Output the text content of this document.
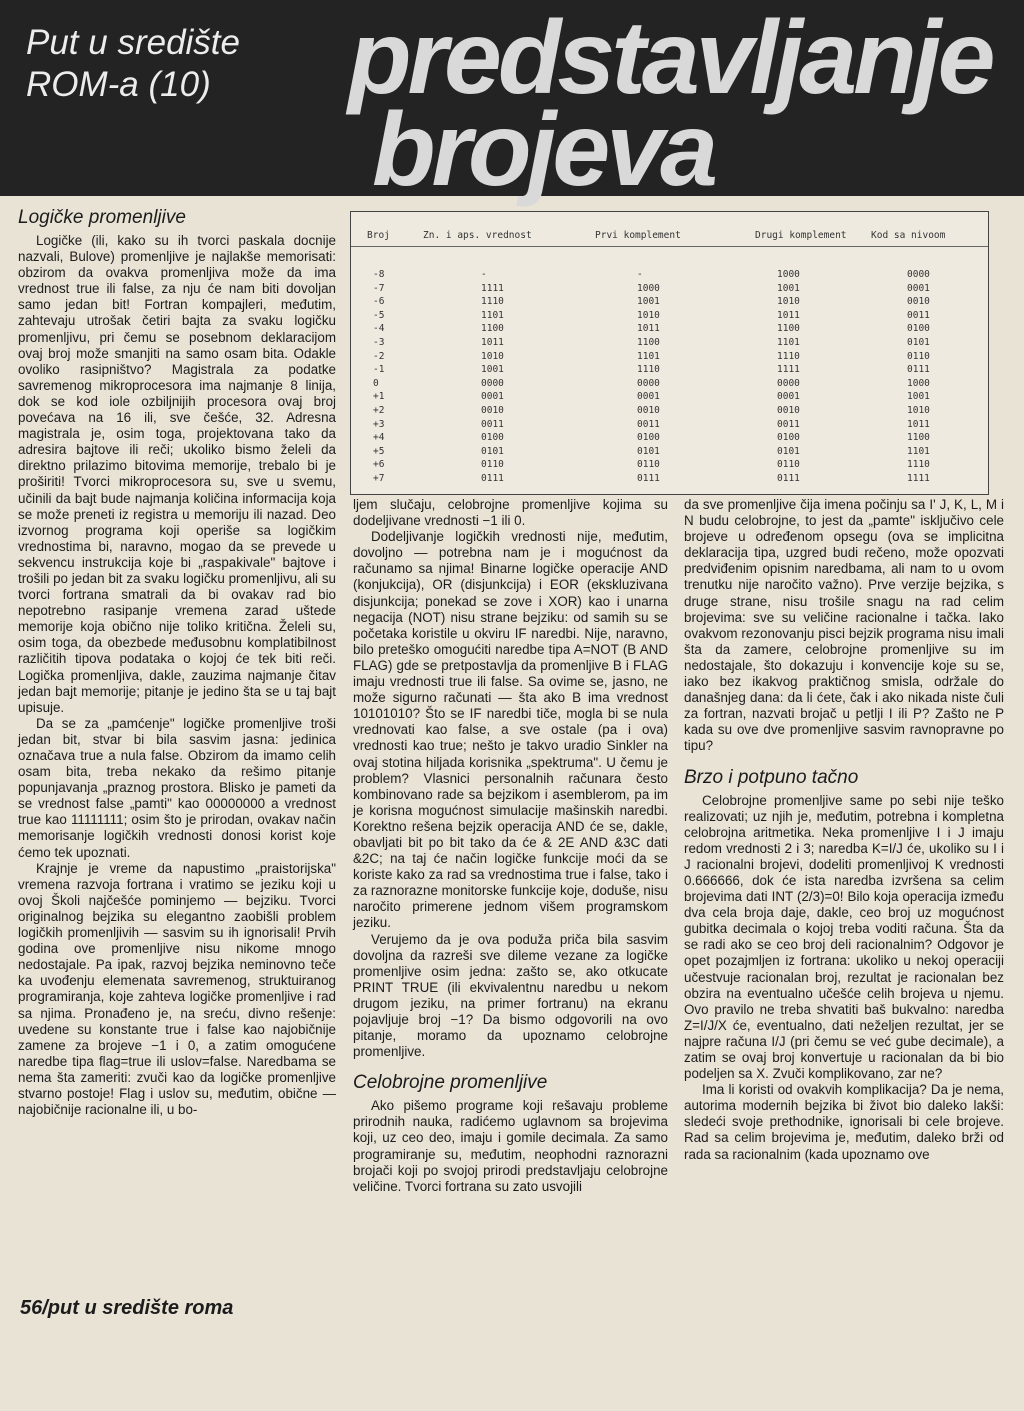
Put u središte
ROM-a (10) predstavljanje
brojeva
Logičke promenljive

Logičke (ili, kako su ih tvorci paskala docnije nazvali, Bulove) promenljive je najlakše memorisati: obzirom da ovakva promenljiva može da ima vrednost true ili false, za nju će nam biti dovoljan samo jedan bit! Fortran kompajleri, međutim, zahtevaju utrošak četiri bajta za svaku logičku promenljivu, pri čemu se posebnom deklaracijom ovaj broj može smanjiti na samo osam bita. Odakle ovoliko rasipništvo? Magistrala za podatke savremenog mikroprocesora ima najmanje 8 linija, dok se kod iole ozbiljnijih procesora ovaj broj povećava na 16 ili, sve češće, 32. Adresna magistrala je, osim toga, projektovana tako da adresira bajtove ili reči; ukoliko bismo želeli da direktno prilazimo bitovima memorije, trebalo bi je proširiti! Tvorci mikroprocesora su, sve u svemu, učinili da bajt bude najmanja količina informacija koja se može preneti iz registra u memoriju ili nazad. Deo izvornog programa koji operiše sa logičkim vrednostima bi, naravno, mogao da se prevede u sekvencu instrukcija koje bi „raspakivale" bajtove i trošili po jedan bit za svaku logičku promenljivu, ali su tvorci fortrana smatrali da bi ovakav rad bio nepotrebno rasipanje vremena zarad uštede memorije koja obično nije toliko kritična. Želeli su, osim toga, da obezbede međusobnu komplatibilnost različitih tipova podataka o kojoj će tek biti reči. Logička promenljiva, dakle, zauzima najmanje čitav jedan bajt memorije; pitanje je jedino šta se u taj bajt upisuje.

Da se za „pamćenje" logičke promenljive troši jedan bit, stvar bi bila sasvim jasna: jedinica označava true a nula false. Obzirom da imamo celih osam bita, treba nekako da rešimo pitanje popunjavanja „praznog prostora. Blisko je pameti da se vrednost false „pamti" kao 00000000 a vrednost true kao 11111111; osim što je prirodan, ovakav način memorisanje logičkih vrednosti donosi korist koje ćemo tek upoznati.

Krajnje je vreme da napustimo „praistorijska" vremena razvoja fortrana i vratimo se jeziku koji u ovoj Školi najčešće pominjemo — bejziku. Tvorci originalnog bejzika su elegantno zaobišli problem logičkih promenljivih — sasvim su ih ignorisali! Prvih godina ove promenljive nisu nikome mnogo nedostajale. Pa ipak, razvoj bejzika neminovno teče ka uvođenju elemenata savremenog, struktuiranog programiranja, koje zahteva logičke promenljive i rad sa njima. Pronađeno je, na sreću, divno rešenje: uvedene su konstante true i false kao najobičnije zamene za brojeve −1 i 0, a zatim omogućene naredbe tipa flag=true ili uslov=false. Naredbama se nema šta zameriti: zvuči kao da logičke promenljive stvarno postoje! Flag i uslov su, međutim, obične — najobičnije racionalne ili, u bo-

Broj	Zn. i aps. vrednost	Prvi komplement	Drugi komplement	Kod sa nivoom
-8	-	-	1000	0000
-7	1111	1000	1001	0001
-6	1110	1001	1010	0010
-5	1101	1010	1011	0011
-4	1100	1011	1100	0100
-3	1011	1100	1101	0101
-2	1010	1101	1110	0110
-1	1001	1110	1111	0111
0	0000	0000	0000	1000
+1	0001	0001	0001	1001
+2	0010	0010	0010	1010
+3	0011	0011	0011	1011
+4	0100	0100	0100	1100
+5	0101	0101	0101	1101
+6	0110	0110	0110	1110
+7	0111	0111	0111	1111

ljem slučaju, celobrojne promenljive kojima su dodeljivane vrednosti −1 ili 0.

Dodeljivanje logičkih vrednosti nije, međutim, dovoljno — potrebna nam je i mogućnost da računamo sa njima! Binarne logičke operacije AND (konjukcija), OR (disjunkcija) i EOR (ekskluzivana disjunkcija; ponekad se zove i XOR) kao i unarna negacija (NOT) nisu strane bejziku: od samih su se početaka koristile u okviru IF naredbi. Nije, naravno, bilo preteško omogućiti naredbe tipa A=NOT (B AND FLAG) gde se pretpostavlja da promenljive B i FLAG imaju vrednosti true ili false. Sa ovime se, jasno, ne može sigurno računati — šta ako B ima vrednost 10101010? Što se IF naredbi tiče, mogla bi se nula vrednovati kao false, a sve ostale (pa i ova) vrednosti kao true; nešto je takvo uradio Sinkler na ovaj stotina hiljada korisnika „spektruma". U čemu je problem? Vlasnici personalnih računara često kombinovano rade sa bejzikom i asemblerom, pa im je korisna mogućnost simulacije mašinskih naredbi. Korektno rešena bejzik operacija AND će se, dakle, obavljati bit po bit tako da će & 2E AND &3C dati &2C; na taj će način logičke funkcije moći da se koriste kako za rad sa vrednostima true i false, tako i za raznorazne monitorske funkcije koje, doduše, nisu naročito primerene jednom višem programskom jeziku.

Verujemo da je ova poduža priča bila sasvim dovoljna da razreši sve dileme vezane za logičke promenljive osim jedna: zašto se, ako otkucate PRINT TRUE (ili ekvivalentnu naredbu u nekom drugom jeziku, na primer fortranu) na ekranu pojavljuje broj −1? Da bismo odgovorili na ovo pitanje, moramo da upoznamo celobrojne promenljive.

Celobrojne promenljive

Ako pišemo programe koji rešavaju probleme prirodnih nauka, radićemo uglavnom sa brojevima koji, uz ceo deo, imaju i gomile decimala. Za samo programiranje su, međutim, neophodni raznorazni brojači koji po svojoj prirodi predstavljaju celobrojne veličine. Tvorci fortrana su zato usvojili

da sve promenljive čija imena počinju sa I' J, K, L, M i N budu celobrojne, to jest da „pamte" isključivo cele brojeve u određenom opsegu (ova se implicitna deklaracija tipa, uzgred budi rečeno, može opozvati predviđenim opisnim naredbama, ali nam to u ovom trenutku nije naročito važno). Prve verzije bejzika, s druge strane, nisu trošile snagu na rad celim brojevima: sve su veličine racionalne i tačka. Iako ovakvom rezonovanju pisci bejzik programa nisu imali šta da zamere, celobrojne promenljive su im nedostajale, što dokazuju i konvencije koje su se, iako bez ikakvog praktičnog smisla, održale do današnjeg dana: da li ćete, čak i ako nikada niste čuli za fortran, nazvati brojač u petlji I ili P? Zašto ne P kada su ove dve promenljive sasvim ravnopravne po tipu?

Brzo i potpuno tačno

Celobrojne promenljive same po sebi nije teško realizovati; uz njih je, međutim, potrebna i kompletna celobrojna aritmetika. Neka promenljive I i J imaju redom vrednosti 2 i 3; naredba K=I/J će, ukoliko su I i J racionalni brojevi, dodeliti promenljivoj K vrednosti 0.666666, dok će ista naredba izvršena sa celim brojevima dati INT (2/3)=0! Bilo koja operacija između dva cela broja daje, dakle, ceo broj uz mogućnost gubitka decimala o kojoj treba voditi računa. Šta da se radi ako se ceo broj deli racionalnim? Odgovor je opet pozajmljen iz fortrana: ukoliko u nekoj operaciji učestvuje racionalan broj, rezultat je racionalan bez obzira na eventualno učešće celih brojeva u njemu. Ovo pravilo ne treba shvatiti baš bukvalno: naredba Z=I/J/X će, eventualno, dati neželjen rezultat, jer se najpre računa I/J (pri čemu se već gube decimale), a zatim se ovaj broj konvertuje u racionalan da bi bio podeljen sa X. Zvuči komplikovano, zar ne?

Ima li koristi od ovakvih komplikacija? Da je nema, autorima modernih bejzika bi život bio daleko lakši: sledeći svoje prethodnike, ignorisali bi cele brojeve. Rad sa celim brojevima je, međutim, daleko brži od rada sa racionalnim (kada upoznamo ove

56/put u središte roma
